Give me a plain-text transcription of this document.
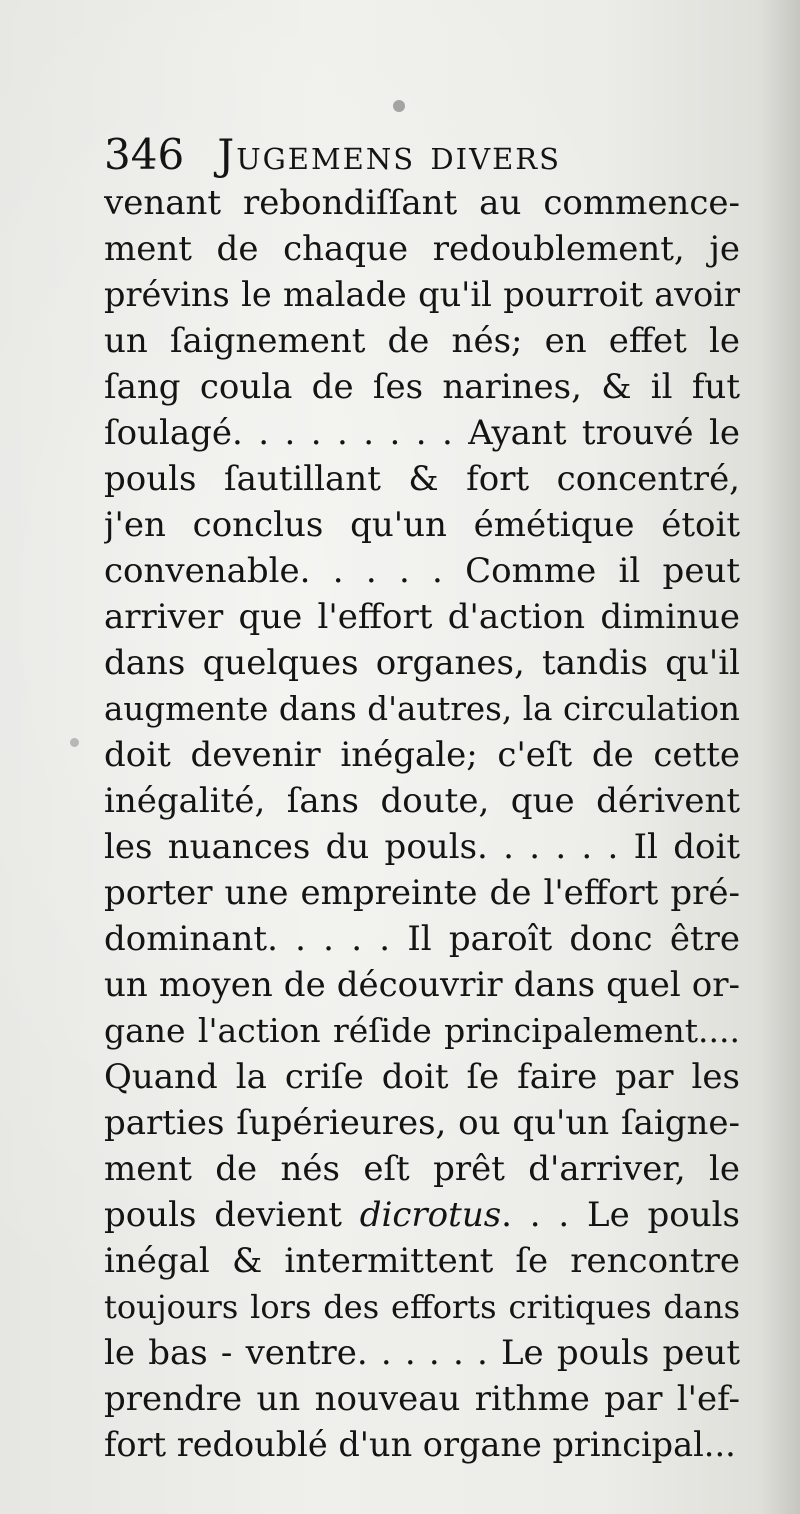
346 Jugemens divers
venant rebondiſſant au commence-
ment de chaque redoublement, je
prévins le malade qu'il pourroit avoir
un ſaignement de nés; en effet le
ſang coula de ſes narines, & il fut
ſoulagé. . . . . . . . . Ayant trouvé le
pouls ſautillant & fort concentré,
j'en conclus qu'un émétique étoit
convenable. . . . . Comme il peut
arriver que l'effort d'action diminue
dans quelques organes, tandis qu'il
augmente dans d'autres, la circulation
doit devenir inégale; c'eſt de cette
inégalité, ſans doute, que dérivent
les nuances du pouls. . . . . . Il doit
porter une empreinte de l'effort pré-
dominant. . . . . Il paroît donc être
un moyen de découvrir dans quel or-
gane l'action réſide principalement....
Quand la criſe doit ſe faire par les
parties ſupérieures, ou qu'un ſaigne-
ment de nés eſt prêt d'arriver, le
pouls devient dicrotus. . . Le pouls
inégal & intermittent ſe rencontre
toujours lors des efforts critiques dans
le bas - ventre. . . . . . Le pouls peut
prendre un nouveau rithme par l'ef-
fort redoublé d'un organe principal...
